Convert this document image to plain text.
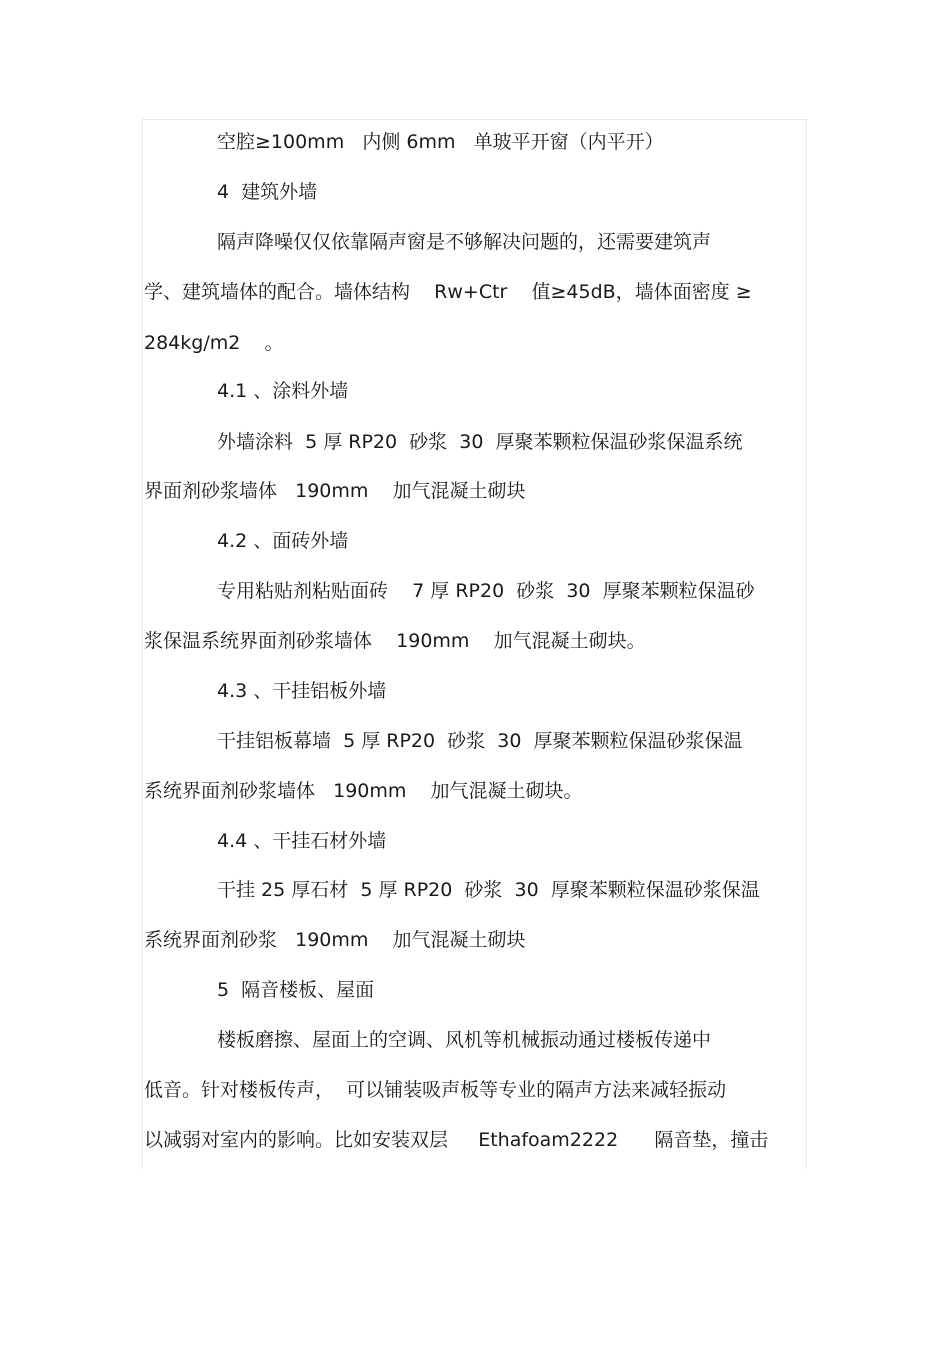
空腔≥100mm   内侧 6mm   单玻平开窗（内平开）
4  建筑外墙
隔声降噪仅仅依靠隔声窗是不够解决问题的，还需要建筑声
学、建筑墙体的配合。墙体结构    Rw+Ctr    值≥45dB，墙体面密度 ≥
284kg/m2    。
4.1 、涂料外墙
外墙涂料  5 厚 RP20  砂浆  30  厚聚苯颗粒保温砂浆保温系统
界面剂砂浆墙体   190mm    加气混凝土砌块
4.2 、面砖外墙
专用粘贴剂粘贴面砖    7 厚 RP20  砂浆  30  厚聚苯颗粒保温砂
浆保温系统界面剂砂浆墙体    190mm    加气混凝土砌块。
4.3 、干挂铝板外墙
干挂铝板幕墙  5 厚 RP20  砂浆  30  厚聚苯颗粒保温砂浆保温
系统界面剂砂浆墙体   190mm    加气混凝土砌块。
4.4 、干挂石材外墙
干挂 25 厚石材  5 厚 RP20  砂浆  30  厚聚苯颗粒保温砂浆保温
系统界面剂砂浆   190mm    加气混凝土砌块
5  隔音楼板、屋面
楼板磨擦、屋面上的空调、风机等机械振动通过楼板传递中
低音。针对楼板传声，  可以铺装吸声板等专业的隔声方法来减轻振动
以减弱对室内的影响。比如安装双层     Ethafoam2222      隔音垫，撞击
